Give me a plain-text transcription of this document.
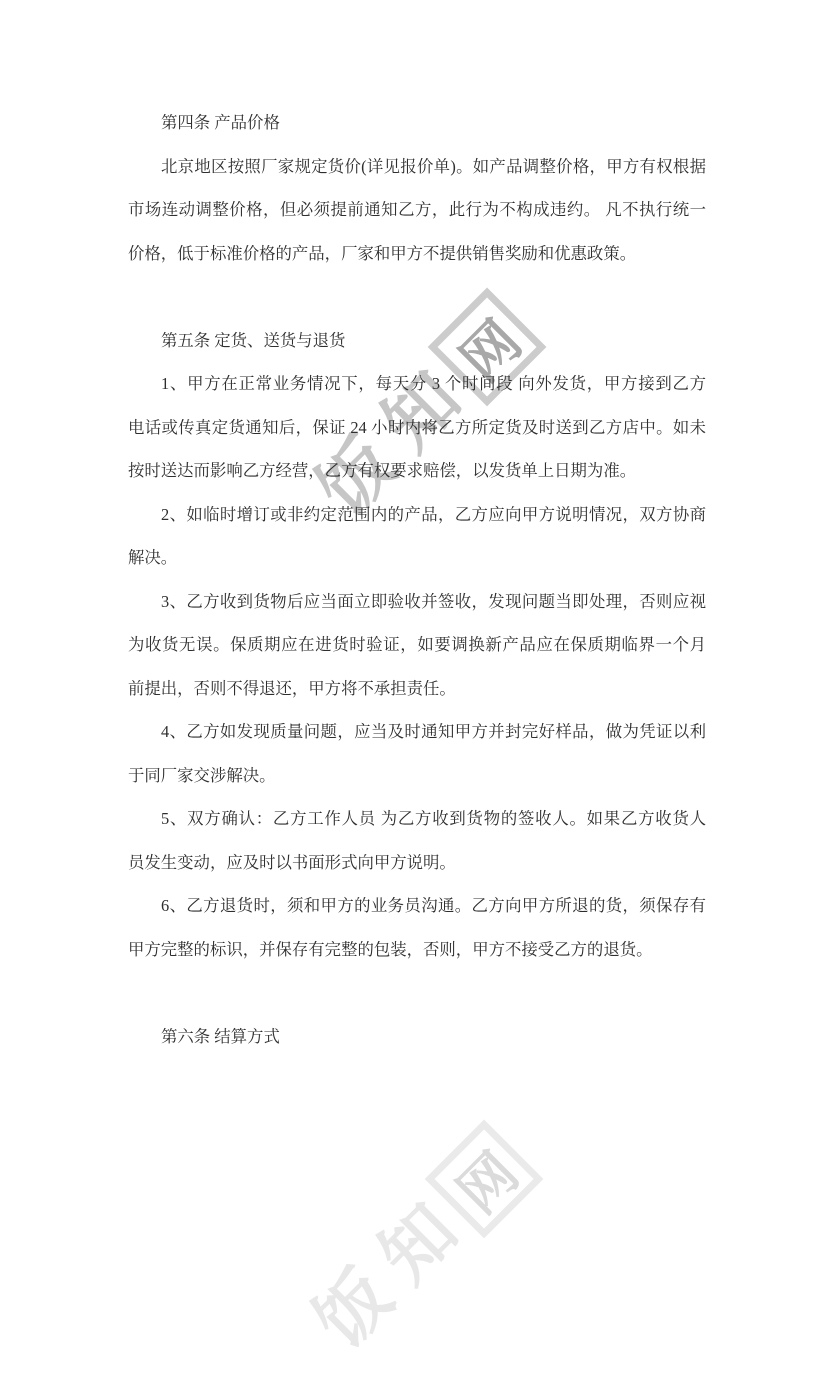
饭
知
网
饭
知
网
第四条 产品价格
北京地区按照厂家规定货价(详见报价单)。如产品调整价格，甲方有权根据
市场连动调整价格，但必须提前通知乙方，此行为不构成违约。 凡不执行统一
价格，低于标准价格的产品，厂家和甲方不提供销售奖励和优惠政策。
第五条 定货、送货与退货
1、甲方在正常业务情况下，每天分 3 个时间段 向外发货，甲方接到乙方
电话或传真定货通知后，保证 24 小时内将乙方所定货及时送到乙方店中。如未
按时送达而影响乙方经营，乙方有权要求赔偿，以发货单上日期为准。
2、如临时增订或非约定范围内的产品，乙方应向甲方说明情况，双方协商
解决。
3、乙方收到货物后应当面立即验收并签收，发现问题当即处理，否则应视
为收货无误。保质期应在进货时验证，如要调换新产品应在保质期临界一个月
前提出，否则不得退还，甲方将不承担责任。
4、乙方如发现质量问题，应当及时通知甲方并封完好样品，做为凭证以利
于同厂家交涉解决。
5、双方确认：乙方工作人员 为乙方收到货物的签收人。如果乙方收货人
员发生变动，应及时以书面形式向甲方说明。
6、乙方退货时，须和甲方的业务员沟通。乙方向甲方所退的货，须保存有
甲方完整的标识，并保存有完整的包装，否则，甲方不接受乙方的退货。
第六条 结算方式
